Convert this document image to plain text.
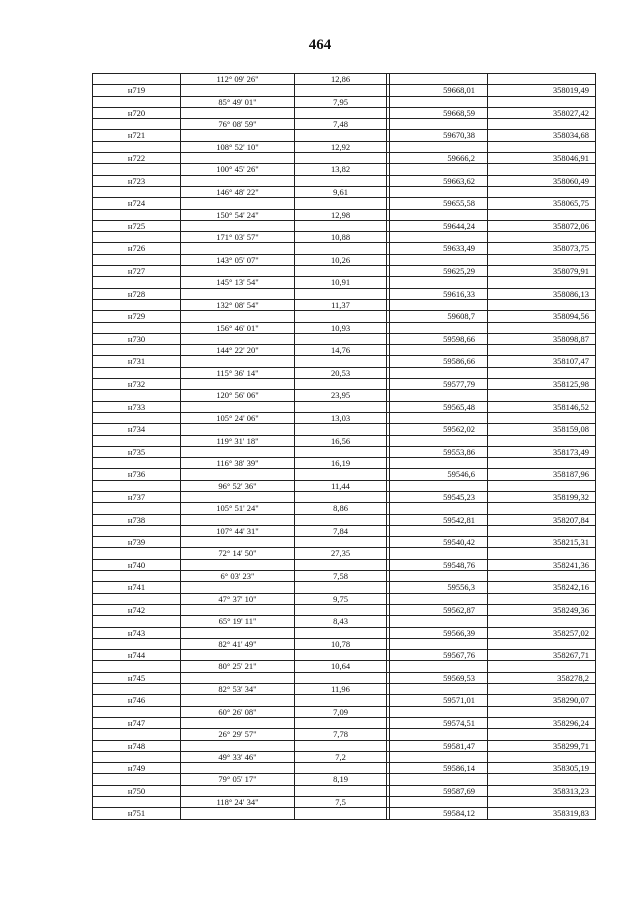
464
	112° 09' 26"	12,86			
н719				59668,01	358019,49
	85° 49' 01"	7,95			
н720				59668,59	358027,42
	76° 08' 59"	7,48			
н721				59670,38	358034,68
	108° 52' 10"	12,92			
н722				59666,2	358046,91
	100° 45' 26"	13,82			
н723				59663,62	358060,49
	146° 48' 22"	9,61			
н724				59655,58	358065,75
	150° 54' 24"	12,98			
н725				59644,24	358072,06
	171° 03' 57"	10,88			
н726				59633,49	358073,75
	143° 05' 07"	10,26			
н727				59625,29	358079,91
	145° 13' 54"	10,91			
н728				59616,33	358086,13
	132° 08' 54"	11,37			
н729				59608,7	358094,56
	156° 46' 01"	10,93			
н730				59598,66	358098,87
	144° 22' 20"	14,76			
н731				59586,66	358107,47
	115° 36' 14"	20,53			
н732				59577,79	358125,98
	120° 56' 06"	23,95			
н733				59565,48	358146,52
	105° 24' 06"	13,03			
н734				59562,02	358159,08
	119° 31' 18"	16,56			
н735				59553,86	358173,49
	116° 38' 39"	16,19			
н736				59546,6	358187,96
	96° 52' 36"	11,44			
н737				59545,23	358199,32
	105° 51' 24"	8,86			
н738				59542,81	358207,84
	107° 44' 31"	7,84			
н739				59540,42	358215,31
	72° 14' 50"	27,35			
н740				59548,76	358241,36
	6° 03' 23"	7,58			
н741				59556,3	358242,16
	47° 37' 10"	9,75			
н742				59562,87	358249,36
	65° 19' 11"	8,43			
н743				59566,39	358257,02
	82° 41' 49"	10,78			
н744				59567,76	358267,71
	80° 25' 21"	10,64			
н745				59569,53	358278,2
	82° 53' 34"	11,96			
н746				59571,01	358290,07
	60° 26' 08"	7,09			
н747				59574,51	358296,24
	26° 29' 57"	7,78			
н748				59581,47	358299,71
	49° 33' 46"	7,2			
н749				59586,14	358305,19
	79° 05' 17"	8,19			
н750				59587,69	358313,23
	118° 24' 34"	7,5			
н751				59584,12	358319,83
